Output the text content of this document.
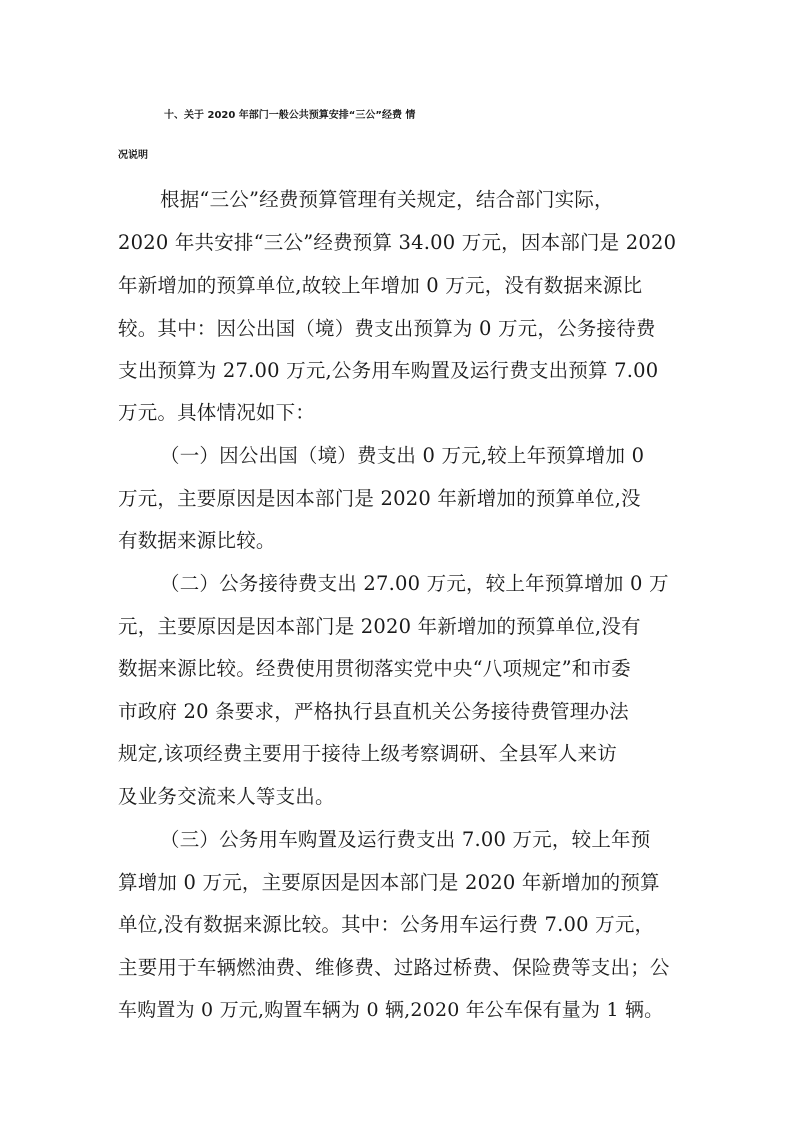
十、关于 2020 年部门一般公共预算安排“三公”经费 情
况说明
根据“三公”经费预算管理有关规定，结合部门实际，
2020 年共安排“三公”经费预算 34.00 万元，因本部门是 2020
年新增加的预算单位,故较上年增加 0 万元，没有数据来源比
较。其中：因公出国（境）费支出预算为 0 万元，公务接待费
支出预算为 27.00 万元,公务用车购置及运行费支出预算 7.00
万元。具体情况如下：
（一）因公出国（境）费支出 0 万元,较上年预算增加 0
万元，主要原因是因本部门是 2020 年新增加的预算单位,没
有数据来源比较。
（二）公务接待费支出 27.00 万元，较上年预算增加 0 万
元，主要原因是因本部门是 2020 年新增加的预算单位,没有
数据来源比较。经费使用贯彻落实党中央“八项规定”和市委
市政府 20 条要求，严格执行县直机关公务接待费管理办法
规定,该项经费主要用于接待上级考察调研、全县军人来访
及业务交流来人等支出。
（三）公务用车购置及运行费支出 7.00 万元，较上年预
算增加 0 万元，主要原因是因本部门是 2020 年新增加的预算
单位,没有数据来源比较。其中：公务用车运行费 7.00 万元，
主要用于车辆燃油费、维修费、过路过桥费、保险费等支出；公
车购置为 0 万元,购置车辆为 0 辆,2020 年公车保有量为 1 辆。
